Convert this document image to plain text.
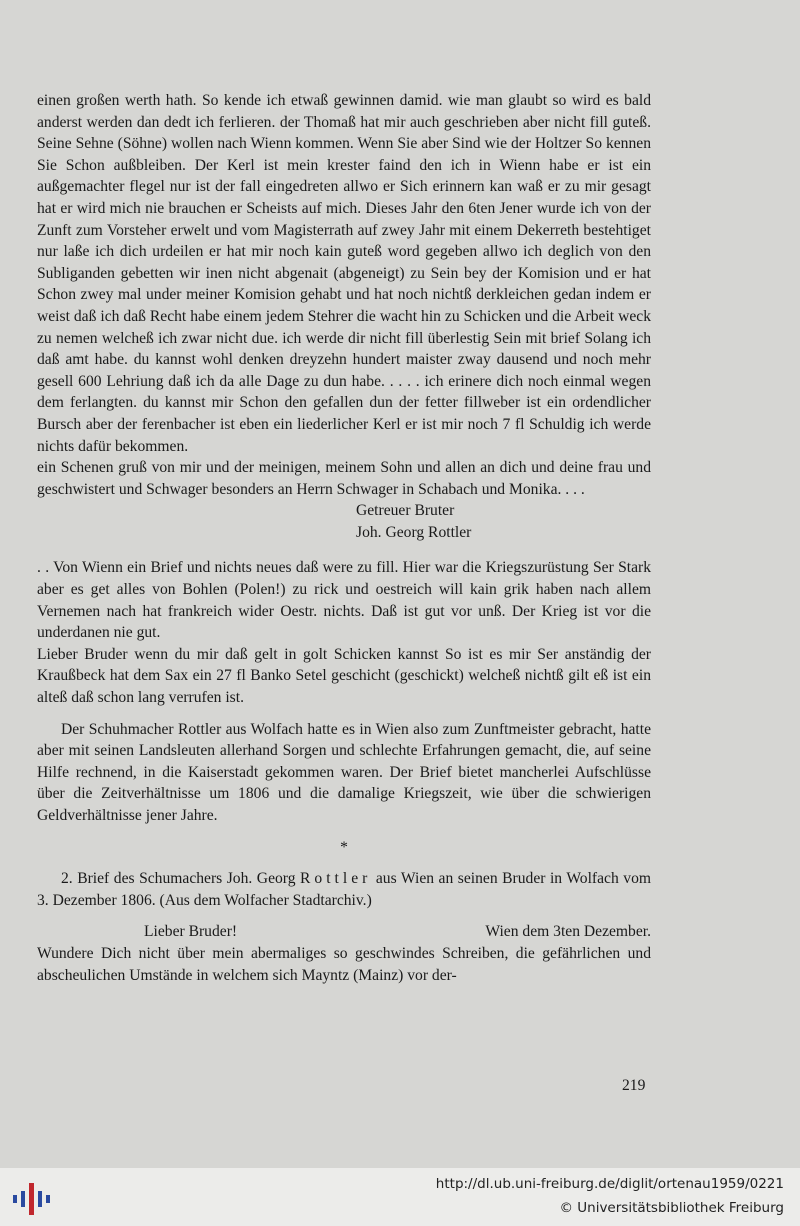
einen großen werth hath. So kende ich etwaß gewinnen damid. wie man glaubt so wird es bald anderst werden dan dedt ich ferlieren. der Thomaß hat mir auch geschrieben aber nicht fill guteß. Seine Sehne (Söhne) wollen nach Wienn kommen. Wenn Sie aber Sind wie der Holtzer So kennen Sie Schon außbleiben. Der Kerl ist mein krester faind den ich in Wienn habe er ist ein außgemachter flegel nur ist der fall eingedreten allwo er Sich erinnern kan waß er zu mir gesagt hat er wird mich nie brauchen er Scheists auf mich. Dieses Jahr den 6ten Jener wurde ich von der Zunft zum Vorsteher erwelt und vom Magisterrath auf zwey Jahr mit einem Dekerreth bestehtiget nur laße ich dich urdeilen er hat mir noch kain guteß word gegeben allwo ich deglich von den Subliganden gebetten wir inen nicht abgenait (abgeneigt) zu Sein bey der Komision und er hat Schon zwey mal under meiner Komision gehabt und hat noch nichtß derkleichen gedan indem er weist daß ich daß Recht habe einem jedem Stehrer die wacht hin zu Schicken und die Arbeit weck zu nemen welcheß ich zwar nicht due. ich werde dir nicht fill überlestig Sein mit brief Solang ich daß amt habe. du kannst wohl denken dreyzehn hundert maister zway dausend und noch mehr gesell 600 Lehriung daß ich da alle Dage zu dun habe. . . . . ich erinere dich noch einmal wegen dem ferlangten. du kannst mir Schon den gefallen dun der fetter fillweber ist ein ordendlicher Bursch aber der ferenbacher ist eben ein liederlicher Kerl er ist mir noch 7 fl Schuldig ich werde nichts dafür bekommen.

ein Schenen gruß von mir und der meinigen, meinem Sohn und allen an dich und deine frau und geschwistert und Schwager besonders an Herrn Schwager in Schabach und Monika. . . .

Getreuer Bruter

Joh. Georg Rottler

. . Von Wienn ein Brief und nichts neues daß were zu fill. Hier war die Kriegszurüstung Ser Stark aber es get alles von Bohlen (Polen!) zu rick und oestreich will kain grik haben nach allem Vernemen nach hat frankreich wider Oestr. nichts. Daß ist gut vor unß. Der Krieg ist vor die underdanen nie gut.

Lieber Bruder wenn du mir daß gelt in golt Schicken kannst So ist es mir Ser anständig der Kraußbeck hat dem Sax ein 27 fl Banko Setel geschicht (geschickt) welcheß nichtß gilt eß ist ein alteß daß schon lang verrufen ist.

Der Schuhmacher Rottler aus Wolfach hatte es in Wien also zum Zunftmeister gebracht, hatte aber mit seinen Landsleuten allerhand Sorgen und schlechte Erfahrungen gemacht, die, auf seine Hilfe rechnend, in die Kaiserstadt gekommen waren. Der Brief bietet mancherlei Aufschlüsse über die Zeitverhältnisse um 1806 und die damalige Kriegszeit, wie über die schwierigen Geldverhältnisse jener Jahre.

*

2. Brief des Schumachers Joh. Georg Rottler aus Wien an seinen Bruder in Wolfach vom 3. Dezember 1806. (Aus dem Wolfacher Stadtarchiv.)

Lieber Bruder!	Wien dem 3ten Dezember.

Wundere Dich nicht über mein abermaliges so geschwindes Schreiben, die gefährlichen und abscheulichen Umstände in welchem sich Mayntz (Mainz) vor der-

219
http://dl.ub.uni-freiburg.de/diglit/ortenau1959/0221
© Universitätsbibliothek Freiburg
